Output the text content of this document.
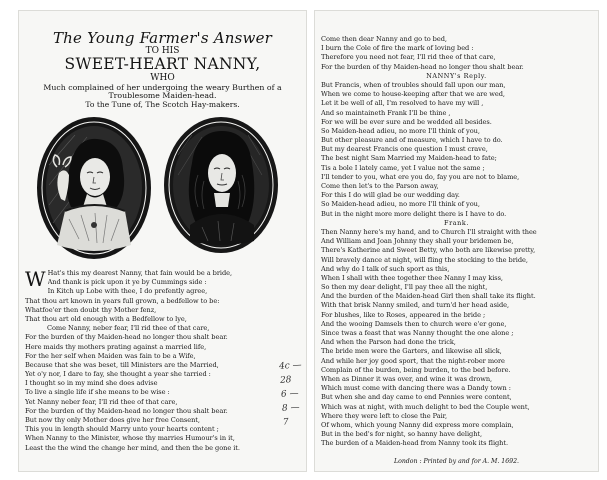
The Young Farmer's Answer
TO HIS
SWEET-HEART NANNY,
WHO
Much complained of her undergoing the weary Burthen of a
Troublesome Maiden-head.
To the Tune of, The Scotch Hay-makers.
W Hat's this my dearest Nanny, that fain would be a bride,
And thank is pick upon it ye by Cummings side :
In Kitch up Lobe with thee, I do prefently agree,
That thou art known in years full grown, a bedfellow to be:
Whatfoe'er then doubt thy Mother fenz,
That thou art old enough with a Bedfellow to lye,
Come Nanny, neber fear, I'll rid thee of that care,
For the burden of thy Maiden-head no longer thou shalt bear.
Here maids thy mothers prating against a married life,
For the her self when Maiden was fain to be a Wife,
Because that she was beset, till Ministers are the Married,
Yet o'y nor, I dare to fay, she thought a year she tarried :
I thought so in my mind she does advise
To live a single life if she means to be wise :
Yet Nanny neber fear, I'll rid thee of that care,
For the burden of thy Maiden-head no longer thou shalt bear.
But now thy only Mother does give her free Consent,
This you in length should Marry unto your hearts content ;
When Nanny to the Minister, whose thy marries Humour's in it,
Least the the wind the change her mind, and then the be gone it.
4c — 28
6 —
8 — 7
Come then dear Nanny and go to bed,
I burn the Cole of fire the mark of loving bed :
Therefore you need not fear, I'll rid thee of that care,
For the burden of thy Maiden-head no longer thou shalt bear.
NANNY's Reply.
But Francis, when of troubles should fall upon our man,
When we come to house-keeping after that we are wed,
Let it be well of all, I'm resolved to have my will ,
And so maintaineth Frank I'll be thine ,
For we will be ever sure and be wedded all besides.
So Maiden-head adieu, no more I'll think of you,
But other pleasure and of measure, which I have to do.
But my dearest Francis one question I must crave,
The best night Sam Married my Maiden-head to fate;
Tis a bole I lately came, yet I value not the same ;
I'll tender to you, what ere you do, fay you are not to blame,
Come then let's to the Parson away,
For this I do will glad be our wedding day.
So Maiden-head adieu, no more I'll think of you,
But in the night more more delight there is I have to do.
Frank.
Then Nanny here's my hand, and to Church I'll straight with thee
And William and Joan Johnny they shall your bridemen be,
There's Katherine and Sweet Betty, who both are likewise pretty,
Will bravely dance at night, will fling the stocking to the bride,
And why do I talk of such sport as this,
When I shall with thee together thee Nanny I may kiss,
So then my dear delight, I'll pay thee all the night,
And the burden of the Maiden-head Girl then shall take its flight.
With that brisk Nanny smiled, and turn'd her head aside,
For blushes, like to Roses, appeared in the bride ;
And the wooing Damsels then to church were e'er gone,
Since twas a feast that was Nanny thought the one alone ;
And when the Parson had done the trick,
The bride men were the Garters, and likewise all slick,
And while her joy good sport, that the night-rober more
Complain of the burden, being burden, to the bed before.
When as Dinner it was over, and wine it was drown,
Which must come with dancing there was a Dandy town :
But when she and day came to end Pennies were content,
Which was at night, with much delight to bed the Couple went,
Where they were left to close the Pair,
Of whom, which young Nanny did express more complain,
But in the bed's for night, so hanny have delight,
The burden of a Maiden-head from Nanny took its flight.
London : Printed by and for A. M. 1692.
